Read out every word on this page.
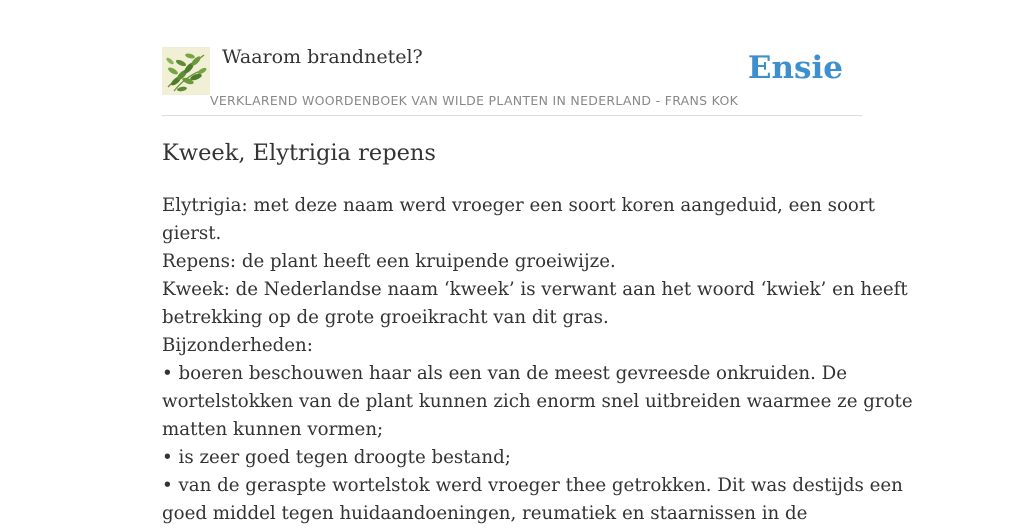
Waarom brandnetel?
VERKLAREND WOORDENBOEK VAN WILDE PLANTEN IN NEDERLAND - FRANS KOK
Ensie
Kweek, Elytrigia repens
Elytrigia: met deze naam werd vroeger een soort koren aangeduid, een soort
gierst.
Repens: de plant heeft een kruipende groeiwijze.
Kweek: de Nederlandse naam ‘kweek’ is verwant aan het woord ‘kwiek’ en heeft
betrekking op de grote groeikracht van dit gras.
Bijzonderheden:
• boeren beschouwen haar als een van de meest gevreesde onkruiden. De
wortelstokken van de plant kunnen zich enorm snel uitbreiden waarmee ze grote
matten kunnen vormen;
• is zeer goed tegen droogte bestand;
• van de geraspte wortelstok werd vroeger thee getrokken. Dit was destijds een
goed middel tegen huidaandoeningen, reumatiek en staarnissen in de
